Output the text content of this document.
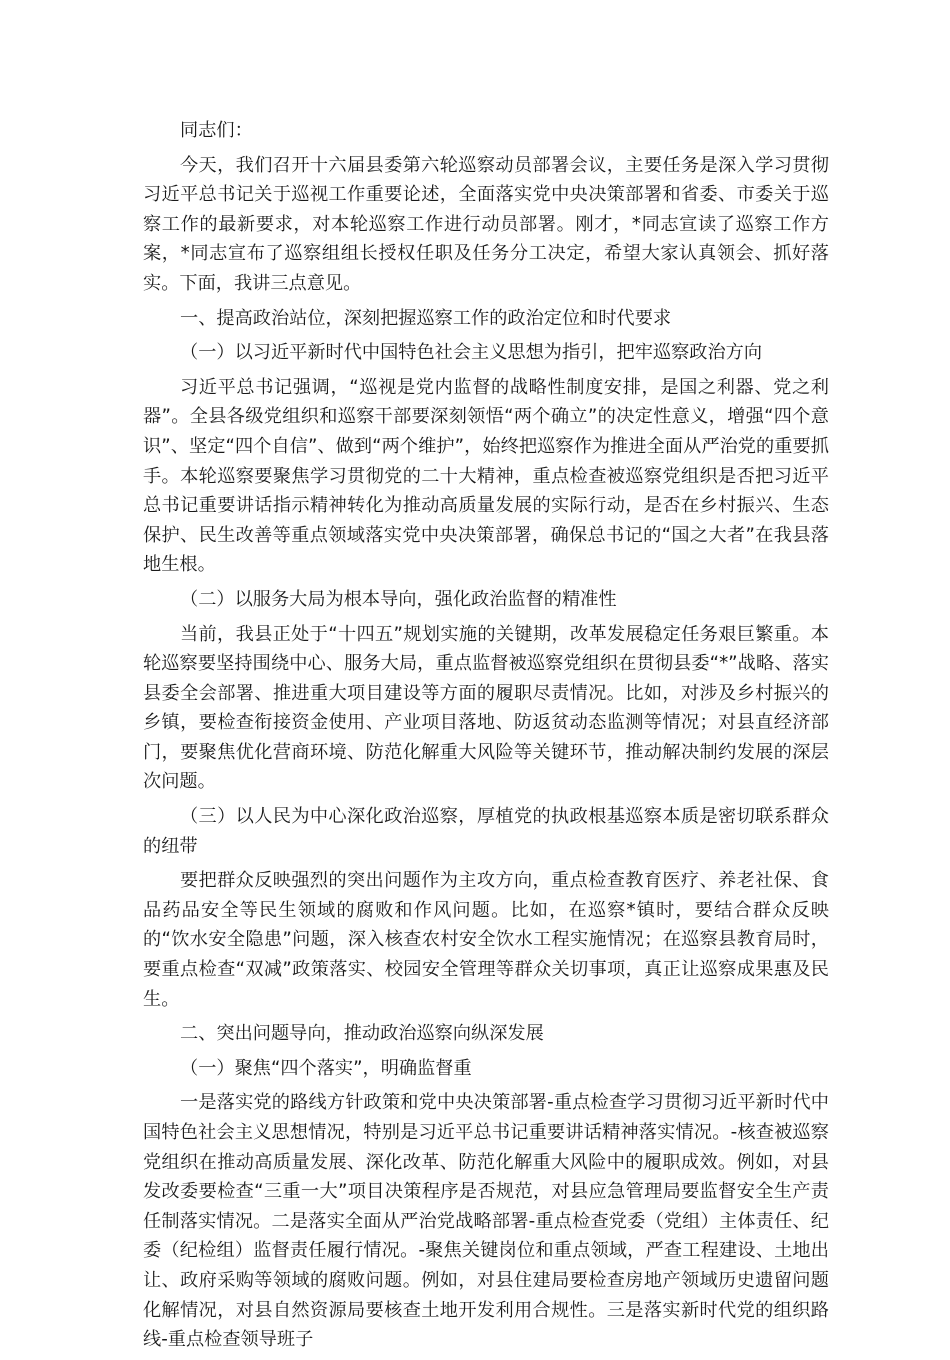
同志们：

今天，我们召开十六届县委第六轮巡察动员部署会议，主要任务是深入学习贯彻习近平总书记关于巡视工作重要论述，全面落实党中央决策部署和省委、市委关于巡察工作的最新要求，对本轮巡察工作进行动员部署。刚才，*同志宣读了巡察工作方案，*同志宣布了巡察组组长授权任职及任务分工决定，希望大家认真领会、抓好落实。下面，我讲三点意见。

一、提高政治站位，深刻把握巡察工作的政治定位和时代要求

（一）以习近平新时代中国特色社会主义思想为指引，把牢巡察政治方向

习近平总书记强调，“巡视是党内监督的战略性制度安排，是国之利器、党之利器”。全县各级党组织和巡察干部要深刻领悟“两个确立”的决定性意义，增强“四个意识”、坚定“四个自信”、做到“两个维护”，始终把巡察作为推进全面从严治党的重要抓手。本轮巡察要聚焦学习贯彻党的二十大精神，重点检查被巡察党组织是否把习近平总书记重要讲话指示精神转化为推动高质量发展的实际行动，是否在乡村振兴、生态保护、民生改善等重点领域落实党中央决策部署，确保总书记的“国之大者”在我县落地生根。

（二）以服务大局为根本导向，强化政治监督的精准性

当前，我县正处于“十四五”规划实施的关键期，改革发展稳定任务艰巨繁重。本轮巡察要坚持围绕中心、服务大局，重点监督被巡察党组织在贯彻县委“*”战略、落实县委全会部署、推进重大项目建设等方面的履职尽责情况。比如，对涉及乡村振兴的乡镇，要检查衔接资金使用、产业项目落地、防返贫动态监测等情况；对县直经济部门，要聚焦优化营商环境、防范化解重大风险等关键环节，推动解决制约发展的深层次问题。

（三）以人民为中心深化政治巡察，厚植党的执政根基巡察本质是密切联系群众的纽带

要把群众反映强烈的突出问题作为主攻方向，重点检查教育医疗、养老社保、食品药品安全等民生领域的腐败和作风问题。比如，在巡察*镇时，要结合群众反映的“饮水安全隐患”问题，深入核查农村安全饮水工程实施情况；在巡察县教育局时，要重点检查“双减”政策落实、校园安全管理等群众关切事项，真正让巡察成果惠及民生。

二、突出问题导向，推动政治巡察向纵深发展

（一）聚焦“四个落实”，明确监督重

一是落实党的路线方针政策和党中央决策部署-重点检查学习贯彻习近平新时代中国特色社会主义思想情况，特别是习近平总书记重要讲话精神落实情况。-核查被巡察党组织在推动高质量发展、深化改革、防范化解重大风险中的履职成效。例如，对县发改委要检查“三重一大”项目决策程序是否规范，对县应急管理局要监督安全生产责任制落实情况。二是落实全面从严治党战略部署-重点检查党委（党组）主体责任、纪委（纪检组）监督责任履行情况。-聚焦关键岗位和重点领域，严查工程建设、土地出让、政府采购等领域的腐败问题。例如，对县住建局要检查房地产领域历史遗留问题化解情况，对县自然资源局要核查土地开发利用合规性。三是落实新时代党的组织路线-重点检查领导班子
